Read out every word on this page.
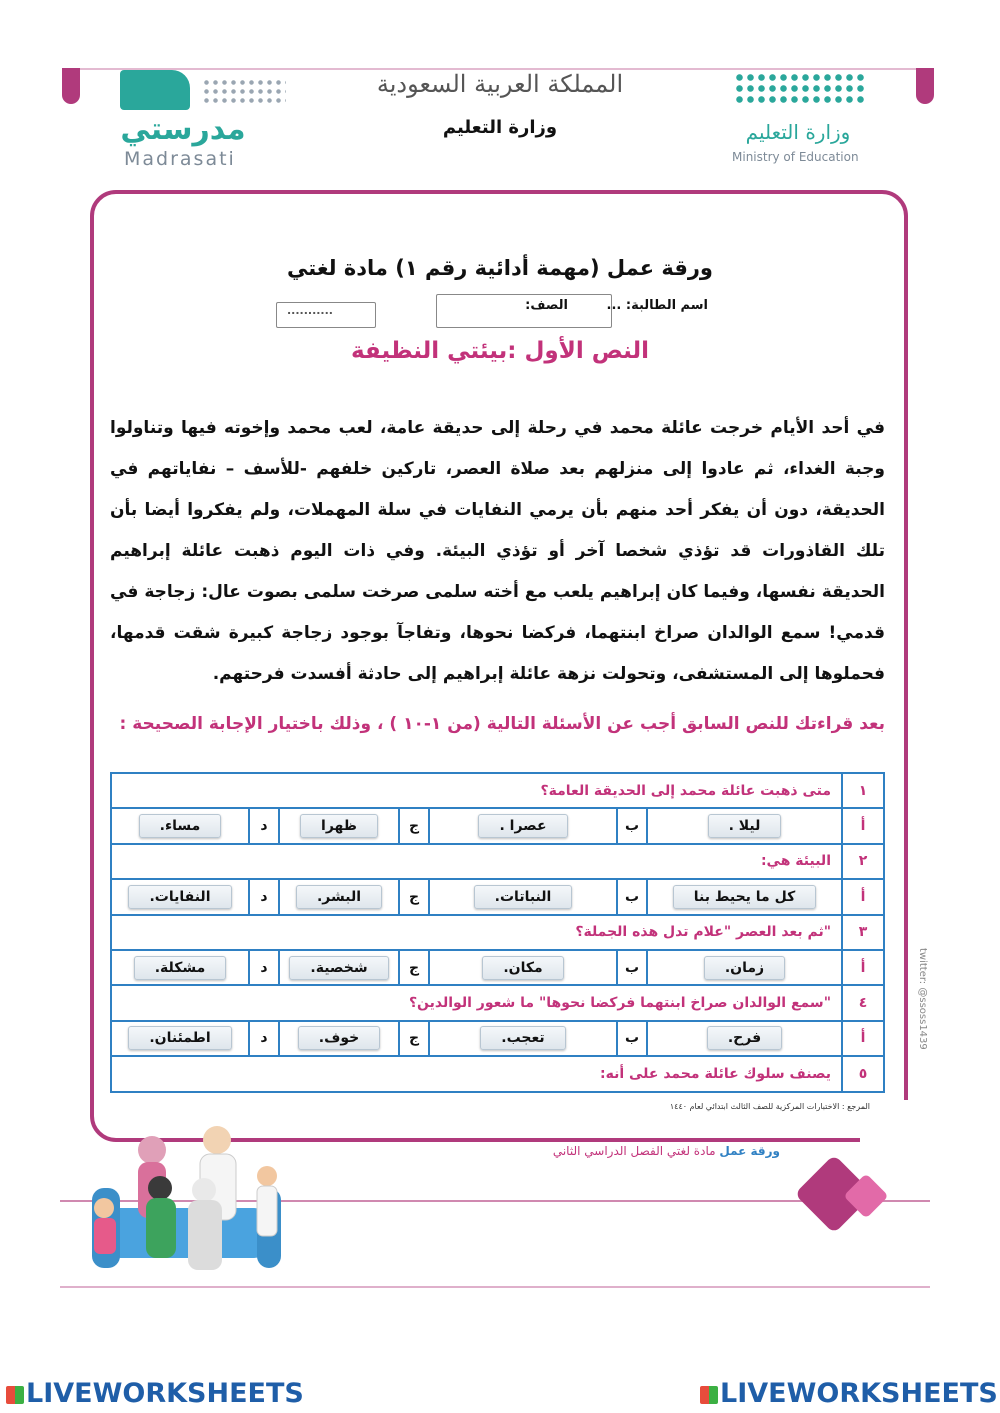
مدرستي
Madrasati
المملكة العربية السعودية
وزارة التعليم	وزارة التعليم
Ministry of Education
ورقة عمل (مهمة أدائية رقم ١) مادة لغتي
اسم الطالبة: ...
الصف:
...........
النص الأول :بيئتي النظيفة
في أحد الأيام خرجت عائلة محمد في رحلة إلى حديقة عامة، لعب محمد وإخوته فيها وتناولوا وجبة الغداء، ثم عادوا إلى منزلهم بعد صلاة العصر، تاركين خلفهم -للأسف – نفاياتهم في الحديقة، دون أن يفكر أحد منهم بأن يرمي النفايات في سلة المهملات، ولم يفكروا أيضا بأن تلك القاذورات قد تؤذي شخصا آخر أو تؤذي البيئة. وفي ذات اليوم ذهبت عائلة إبراهيم الحديقة نفسها، وفيما كان إبراهيم يلعب مع أخته سلمى صرخت سلمى بصوت عال: زجاجة في قدمي! سمع الوالدان صراخ ابنتهما، فركضا نحوها، وتفاجآ بوجود زجاجة كبيرة شقت قدمها، فحملوها إلى المستشفى، وتحولت نزهة عائلة إبراهيم إلى حادثة أفسدت فرحتهم.
بعد قراءتك للنص السابق أجب عن الأسئلة التالية (من ١-١٠ ) ، وذلك باختيار الإجابة الصحيحة :
١	متى ذهبت عائلة محمد إلى الحديقة العامة؟						
أ	ليلا .	ب	عصرا .	ج	ظهرا	د	مساء.
٢	البيئة هي:						
أ	كل ما يحيط بنا	ب	النباتات.	ج	البشر.	د	النفايات.
٣	"ثم بعد العصر "علام تدل هذه الجملة؟						
أ	زمان.	ب	مكان.	ج	شخصية.	د	مشكلة.
٤	"سمع الوالدان صراخ ابنتهما فركضا نحوها" ما شعور الوالدين؟						
أ	فرح.	ب	تعجب.	ج	خوف.	د	اطمئنان.
٥	يصنف سلوك عائلة محمد على أنه:						
المرجع : الاختبارات المركزية للصف الثالث ابتدائي لعام ١٤٤٠
twitter: @ssoss1439
ورقة عمل مادة لغتي الفصل الدراسي الثاني
LIVEWORKSHEETS	LIVEWORKSHEETS
